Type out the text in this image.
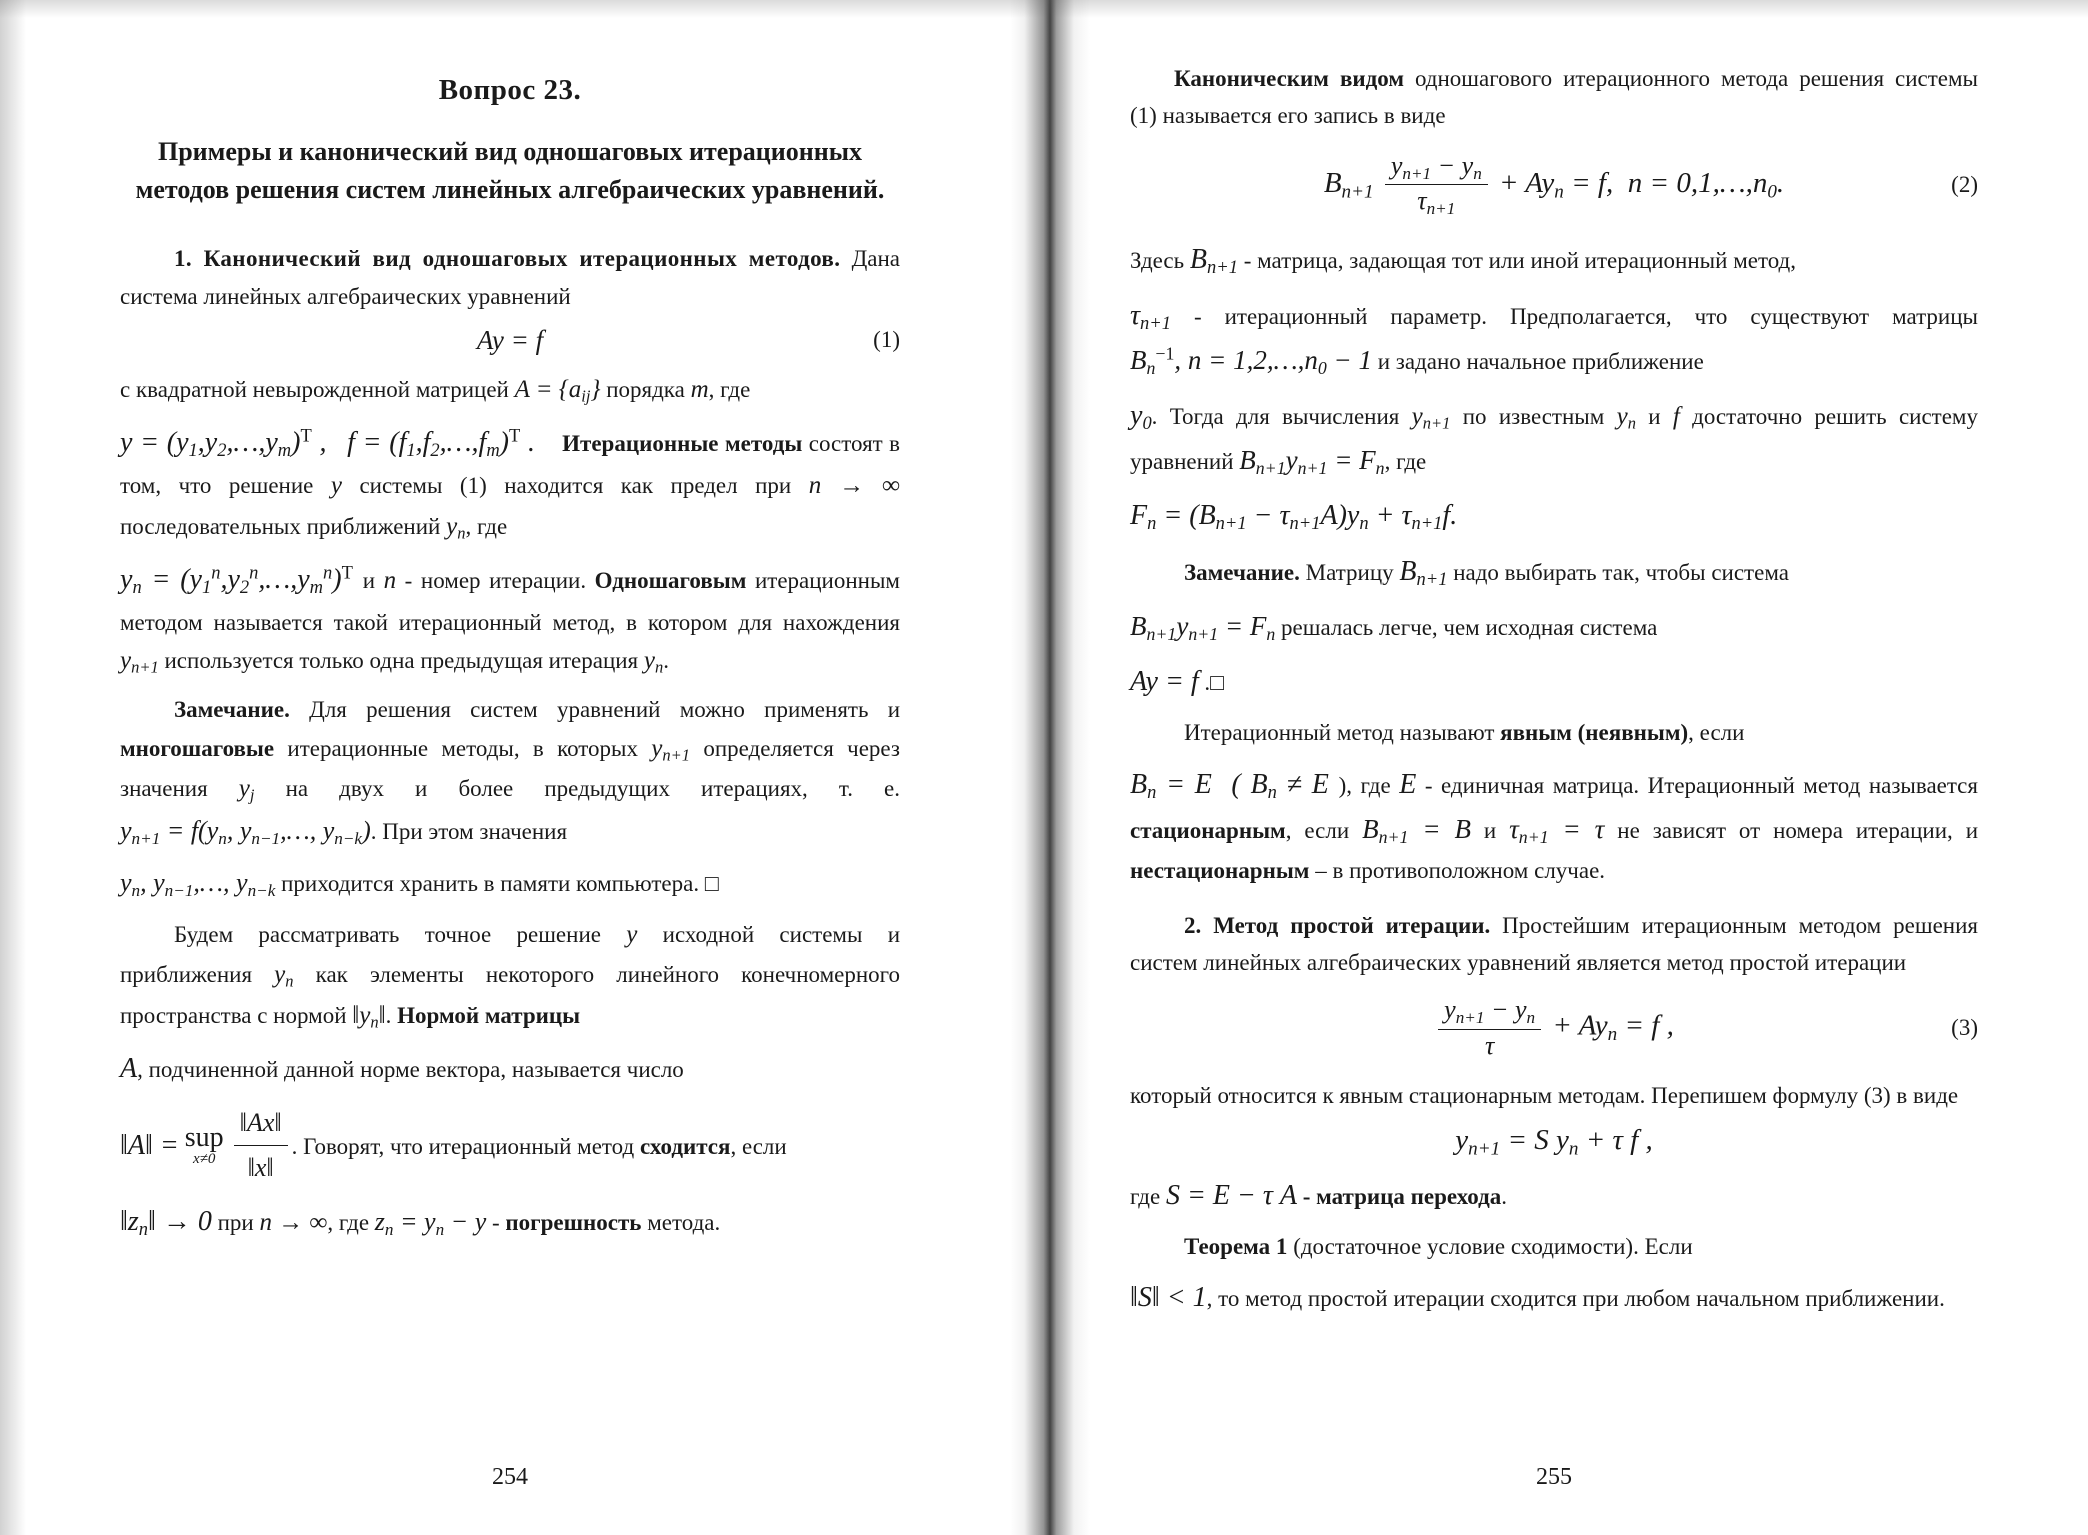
Вопрос 23.
Примеры и канонический вид одношаговых итерационных методов решения систем линейных алгебраических уравнений.

1. Канонический вид одношаговых итерационных методов. Дана система линейных алгебраических уравнений

Ay = f	(1)

с квадратной невырожденной матрицей $A = \{a_{ij}\}$ порядка m, где

$y = (y_1,y_2,\dots,y_m)^T$ ,   $f = (f_1,f_2,\dots,f_m)^T$ .    Итерационные методы состоят в том, что решение y системы (1) находится как предел при n → ∞ последовательных приближений $y_n$, где

$y_n$ = $(y_1^n,y_2^n,\dots,y_m^n)^T$ и n - номер итерации. Одношаговым итерационным методом называется такой итерационный метод, в котором для нахождения $y_{n+1}$ используется только одна предыдущая итерация $y_n$.

Замечание. Для решения систем уравнений можно применять и многошаговые итерационные методы, в которых $y_{n+1}$ определяется через значения $y_j$ на двух и более предыдущих итерациях, т. е. $y_{n+1} = f(y_n$, $y_{n-1},\dots$, $y_{n-k}$). При этом значения

$y_n$, $y_{n-1},\dots$, $y_{n-k}$ приходится хранить в памяти компьютера. □

Будем рассматривать точное решение y исходной системы и приближения $y_n$ как элементы некоторого линейного конечномерного пространства с нормой $‖y_n‖$. Нормой матрицы

A, подчиненной данной норме вектора, называется число

‖A‖ = sup
$x\ne 0 \frac{‖Ax‖}{‖x‖}$ . Говорят, что итерационный метод сходится, если

$‖z_n‖ \to 0$ при n → ∞, где $z_n = y_n - y$ - погрешность метода.

254

Каноническим видом одношагового итерационного метода решения системы (1) называется его запись в виде

$B_{n+1} \frac{y_{n+1} - y_n}{\tau_{n+1}} + Ay_n = f$,  $n = 0,1,\dots,n_0$.	(2)

Здесь $B_{n+1}$ - матрица, задающая тот или иной итерационный метод,

$\tau_{n+1}$ - итерационный параметр. Предполагается, что существуют матрицы $B_n^{-1}$, $n = 1,2,\dots,n_0 - 1$ и задано начальное приближение

$y_0$. Тогда для вычисления $y_{n+1}$ по известным $y_n$ и f достаточно решить систему уравнений $B_{n+1}y_{n+1} = F_n$, где

$F_n = (B_{n+1} - \tau_{n+1}A)y_n + \tau_{n+1}f$.

Замечание. Матрицу $B_{n+1}$ надо выбирать так, чтобы система

$B_{n+1}y_{n+1} = F_n$ решалась легче, чем исходная система

Ay = f .□

Итерационный метод называют явным (неявным), если

$B_n = E$  ( $B_n \ne E$ ), где E - единичная матрица. Итерационный метод называется стационарным, если $B_{n+1} = B$ и $\tau_{n+1} = \tau$ не зависят от номера итерации, и нестационарным – в противоположном случае.

2. Метод простой итерации. Простейшим итерационным методом решения систем линейных алгебраических уравнений является метод простой итерации

$\frac{y_{n+1} - y_n}{\tau} + Ay_n = f$ ,	(3)

который относится к явным стационарным методам. Перепишем формулу (3) в виде

$y_{n+1} = S$ $y_n + \tau$ f ,

где S = E − τ A - матрица перехода.

Теорема 1 (достаточное условие сходимости). Если

‖S‖ < 1, то метод простой итерации сходится при любом начальном приближении.

255
